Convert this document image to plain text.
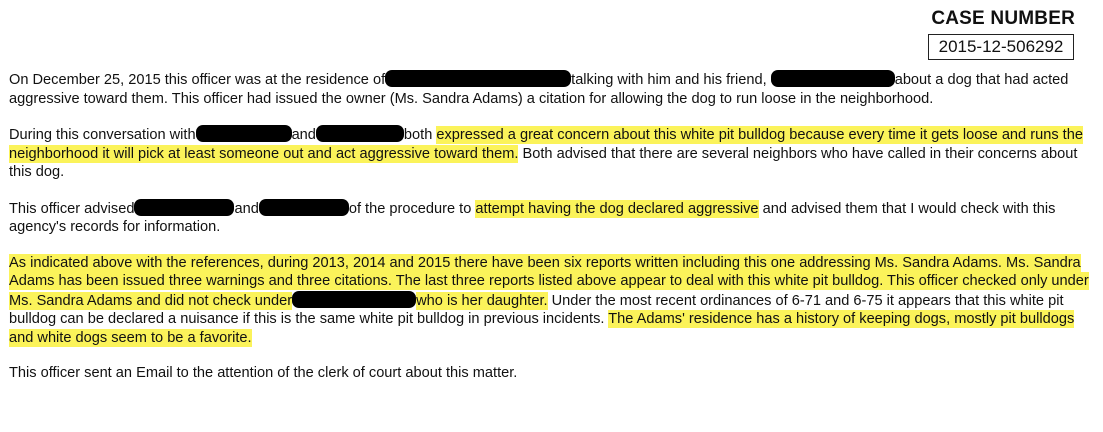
CASE NUMBER
2015-12-506292

On December 25, 2015 this officer was at the residence of	talking with him and his friend,	about a dog that had acted aggressive toward them. This officer had issued the owner (Ms. Sandra Adams) a citation for allowing the dog to run loose in the neighborhood.

During this conversation with	and	both expressed a great concern about this white pit bulldog because every time it gets loose and runs the neighborhood it will pick at least someone out and act aggressive toward them. Both advised that there are several neighbors who have called in their concerns about this dog.

This officer advised	and	of the procedure to attempt having the dog declared aggressive and advised them that I would check with this agency's records for information.

As indicated above with the references, during 2013, 2014 and 2015 there have been six reports written including this one addressing Ms. Sandra Adams. Ms. Sandra Adams has been issued three warnings and three citations. The last three reports listed above appear to deal with this white pit bulldog. This officer checked only under Ms. Sandra Adams and did not check under	who is her daughter. Under the most recent ordinances of 6-71 and 6-75 it appears that this white pit bulldog can be declared a nuisance if this is the same white pit bulldog in previous incidents. The Adams' residence has a history of keeping dogs, mostly pit bulldogs and white dogs seem to be a favorite.

This officer sent an Email to the attention of the clerk of court about this matter.
